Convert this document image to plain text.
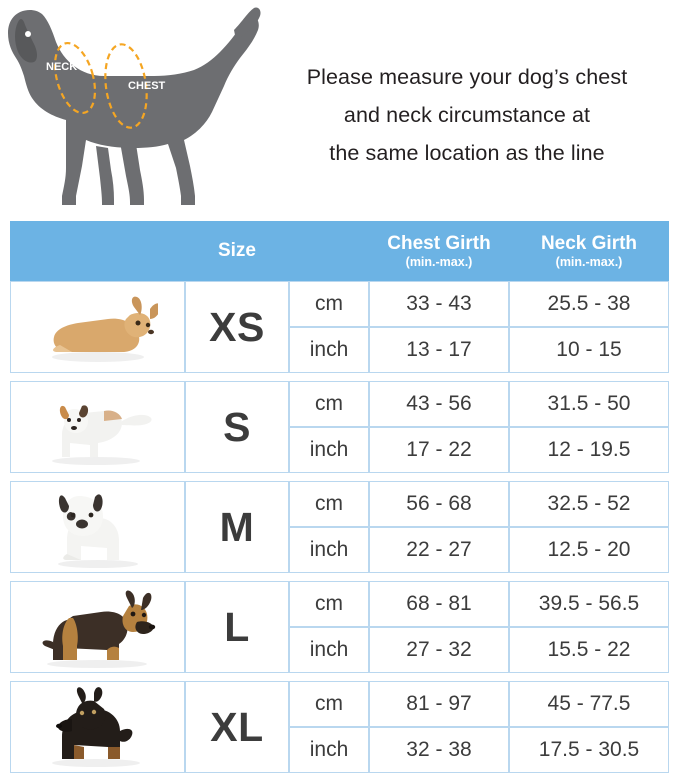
NECK
CHEST	Please measure your dog’s chest
and neck circumstance at
the same location as the line
	Size		Chest Girth
(min.-max.)	Neck Girth
(min.-max.)

	XS	cm	33 - 43	25.5 - 38
		inch	13 - 17	10 - 15

	S	cm	43 - 56	31.5 - 50
		inch	17 - 22	12 - 19.5

	M	cm	56 - 68	32.5 - 52
		inch	22 - 27	12.5 - 20

	L	cm	68 - 81	39.5 - 56.5
		inch	27 - 32	15.5 - 22

	XL	cm	81 - 97	45 - 77.5
		inch	32 - 38	17.5 - 30.5
